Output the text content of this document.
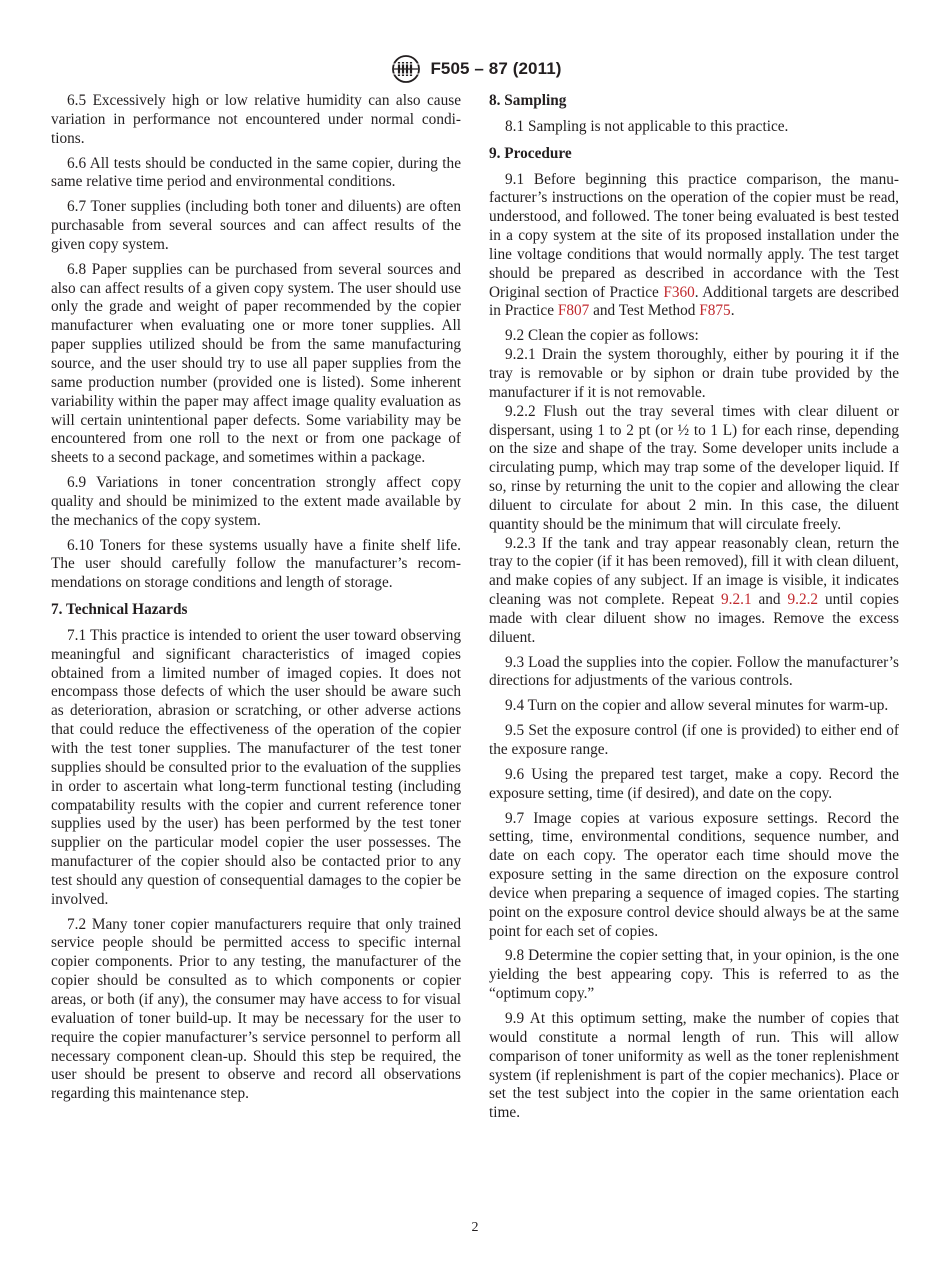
F505 – 87 (2011)

6.5 Excessively high or low relative humidity can also cause variation in performance not encountered under normal conditions.

6.6 All tests should be conducted in the same copier, during the same relative time period and environmental conditions.

6.7 Toner supplies (including both toner and diluents) are often purchasable from several sources and can affect results of the given copy system.

6.8 Paper supplies can be purchased from several sources and also can affect results of a given copy system. The user should use only the grade and weight of paper recommended by the copier manufacturer when evaluating one or more toner supplies. All paper supplies utilized should be from the same manufacturing source, and the user should try to use all paper supplies from the same production number (provided one is listed). Some inherent variability within the paper may affect image quality evaluation as will certain unintentional paper defects. Some variability may be encountered from one roll to the next or from one package of sheets to a second package, and sometimes within a package.

6.9 Variations in toner concentration strongly affect copy quality and should be minimized to the extent made available by the mechanics of the copy system.

6.10 Toners for these systems usually have a finite shelf life. The user should carefully follow the manufacturer’s recommendations on storage conditions and length of storage.

7. Technical Hazards

7.1 This practice is intended to orient the user toward observing meaningful and significant characteristics of imaged copies obtained from a limited number of imaged copies. It does not encompass those defects of which the user should be aware such as deterioration, abrasion or scratching, or other adverse actions that could reduce the effectiveness of the operation of the copier with the test toner supplies. The manufacturer of the test toner supplies should be consulted prior to the evaluation of the supplies in order to ascertain what long-term functional testing (including compatability results with the copier and current reference toner supplies used by the user) has been performed by the test toner supplier on the particular model copier the user possesses. The manufacturer of the copier should also be contacted prior to any test should any question of consequential damages to the copier be involved.

7.2 Many toner copier manufacturers require that only trained service people should be permitted access to specific internal copier components. Prior to any testing, the manufacturer of the copier should be consulted as to which components or copier areas, or both (if any), the consumer may have access to for visual evaluation of toner build-up. It may be necessary for the user to require the copier manufacturer’s service personnel to perform all necessary component clean-up. Should this step be required, the user should be present to observe and record all observations regarding this maintenance step.

8. Sampling

8.1 Sampling is not applicable to this practice.

9. Procedure

9.1 Before beginning this practice comparison, the manufacturer’s instructions on the operation of the copier must be read, understood, and followed. The toner being evaluated is best tested in a copy system at the site of its proposed installation under the line voltage conditions that would normally apply. The test target should be prepared as described in accordance with the Test Original section of Practice F360. Additional targets are described in Practice F807 and Test Method F875.

9.2 Clean the copier as follows:

9.2.1 Drain the system thoroughly, either by pouring it if the tray is removable or by siphon or drain tube provided by the manufacturer if it is not removable.

9.2.2 Flush out the tray several times with clear diluent or dispersant, using 1 to 2 pt (or ½ to 1 L) for each rinse, depending on the size and shape of the tray. Some developer units include a circulating pump, which may trap some of the developer liquid. If so, rinse by returning the unit to the copier and allowing the clear diluent to circulate for about 2 min. In this case, the diluent quantity should be the minimum that will circulate freely.

9.2.3 If the tank and tray appear reasonably clean, return the tray to the copier (if it has been removed), fill it with clean diluent, and make copies of any subject. If an image is visible, it indicates cleaning was not complete. Repeat 9.2.1 and 9.2.2 until copies made with clear diluent show no images. Remove the excess diluent.

9.3 Load the supplies into the copier. Follow the manufacturer’s directions for adjustments of the various controls.

9.4 Turn on the copier and allow several minutes for warm-up.

9.5 Set the exposure control (if one is provided) to either end of the exposure range.

9.6 Using the prepared test target, make a copy. Record the exposure setting, time (if desired), and date on the copy.

9.7 Image copies at various exposure settings. Record the setting, time, environmental conditions, sequence number, and date on each copy. The operator each time should move the exposure setting in the same direction on the exposure control device when preparing a sequence of imaged copies. The starting point on the exposure control device should always be at the same point for each set of copies.

9.8 Determine the copier setting that, in your opinion, is the one yielding the best appearing copy. This is referred to as the “optimum copy.”

9.9 At this optimum setting, make the number of copies that would constitute a normal length of run. This will allow comparison of toner uniformity as well as the toner replenishment system (if replenishment is part of the copier mechanics). Place or set the test subject into the copier in the same orientation each time.

2
